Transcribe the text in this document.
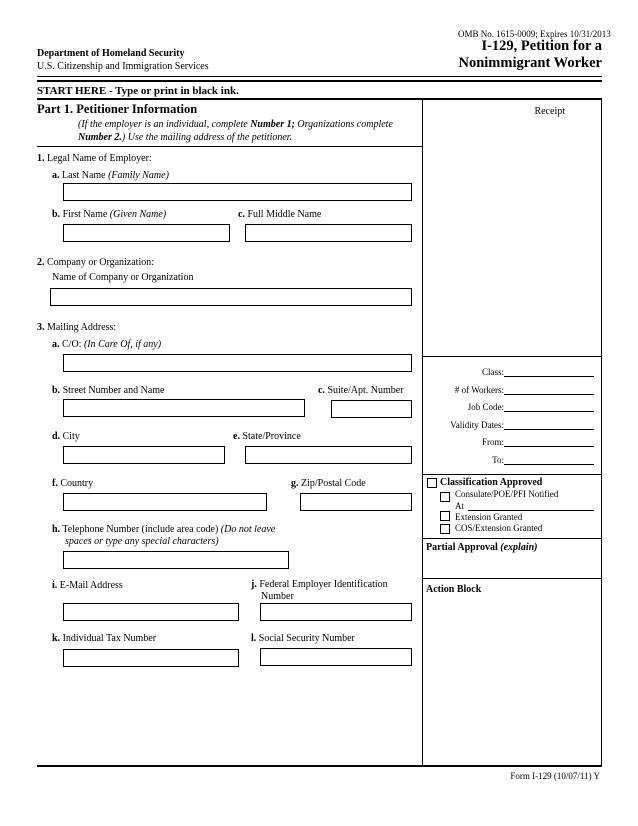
OMB No. 1615-0009; Expires 10/31/2013
I-129, Petition for a
Nonimmigrant Worker
Department of Homeland Security
U.S. Citizenship and Immigration Services
START HERE - Type or print in black ink.
Part 1. Petitioner Information
(If the employer is an individual, complete Number 1; Organizations complete
Number 2.) Use the mailing address of the petitioner.
1. Legal Name of Employer:
a. Last Name (Family Name)
b. First Name (Given Name)	c. Full Middle Name
2. Company or Organization:
Name of Company or Organization
3. Mailing Address:
a. C/O: (In Care Of, if any)
b. Street Number and Name	c. Suite/Apt. Number
d. City	e. State/Province
f. Country	g. Zip/Postal Code
h. Telephone Number (include area code) (Do not leave
spaces or type any special characters)
i. E-Mail Address	j. Federal Employer Identification
Number
k. Individual Tax Number	l. Social Security Number
Receipt
Class:
# of Workers:
Job Code:
Validity Dates:
From:
To:
Classification Approved
Consulate/POE/PFI Notified
At
Extension Granted
COS/Extension Granted
Partial Approval (explain)
Action Block
Form I-129 (10/07/11) Y
